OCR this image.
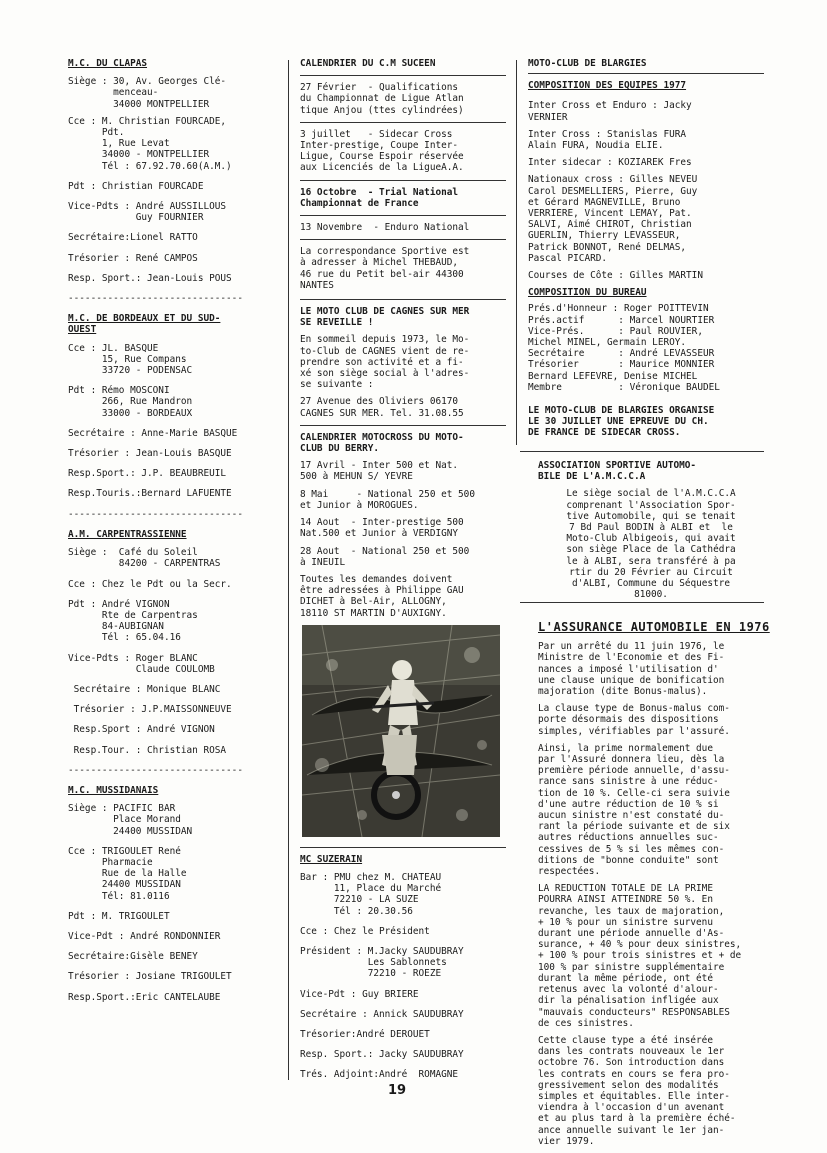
M.C. DU CLAPAS
Siège : 30, Av. Georges Clé-
menceau-
34000 MONTPELLIER
Cce : M. Christian FOURCADE,
Pdt.
1, Rue Levat
34000 - MONTPELLIER
Tél : 67.92.70.60(A.M.)
Pdt : Christian FOURCADE
Vice-Pdts : André AUSSILLOUS
Guy FOURNIER
Secrétaire:Lionel RATTO
Trésorier : René CAMPOS
Resp. Sport.: Jean-Louis POUS
-------------------------------
M.C. DE BORDEAUX ET DU SUD-
OUEST
Cce : JL. BASQUE
15, Rue Compans
33720 - PODENSAC
Pdt : Rémo MOSCONI
266, Rue Mandron
33000 - BORDEAUX
Secrétaire : Anne-Marie BASQUE
Trésorier : Jean-Louis BASQUE
Resp.Sport.: J.P. BEAUBREUIL
Resp.Touris.:Bernard LAFUENTE
-------------------------------
A.M. CARPENTRASSIENNE
Siège :  Café du Soleil
84200 - CARPENTRAS
Cce : Chez le Pdt ou la Secr.
Pdt : André VIGNON
Rte de Carpentras
84-AUBIGNAN
Tél : 65.04.16
Vice-Pdts : Roger BLANC
Claude COULOMB
Secrétaire : Monique BLANC
Trésorier : J.P.MAISSONNEUVE
Resp.Sport : André VIGNON
Resp.Tour. : Christian ROSA
-------------------------------
M.C. MUSSIDANAIS
Siège : PACIFIC BAR
Place Morand
24400 MUSSIDAN
Cce : TRIGOULET René
Pharmacie
Rue de la Halle
24400 MUSSIDAN
Tél: 81.0116
Pdt : M. TRIGOULET
Vice-Pdt : André RONDONNIER
Secrétaire:Gisèle BENEY
Trésorier : Josiane TRIGOULET
Resp.Sport.:Eric CANTELAUBE
CALENDRIER DU C.M SUCEEN
27 Février  - Qualifications
du Championnat de Ligue Atlan
tique Anjou (ttes cylindrées)
3 juillet   - Sidecar Cross
Inter-prestige, Coupe Inter-
Ligue, Course Espoir réservée
aux Licenciés de la LigueA.A.
16 Octobre  - Trial National
Championnat de France
13 Novembre  - Enduro National
La correspondance Sportive est
à adresser à Michel THEBAUD,
46 rue du Petit bel-air 44300
NANTES
LE MOTO CLUB DE CAGNES SUR MER
SE REVEILLE !
En sommeil depuis 1973, le Mo-
to-Club de CAGNES vient de re-
prendre son activité et a fi-
xé son siège social à l'adres-
se suivante :
27 Avenue des Oliviers 06170
CAGNES SUR MER. Tel. 31.08.55
CALENDRIER MOTOCROSS DU MOTO-
CLUB DU BERRY.
17 Avril - Inter 500 et Nat.
500 à MEHUN S/ YEVRE
8 Mai     - National 250 et 500
et Junior à MOROGUES.
14 Aout  - Inter-prestige 500
Nat.500 et Junior à VERDIGNY
28 Aout  - National 250 et 500
à INEUIL
Toutes les demandes doivent
être adressées à Philippe GAU
DICHET à Bel-Air, ALLOGNY,
18110 ST MARTIN D'AUXIGNY.
MC SUZERAIN
Bar : PMU chez M. CHATEAU
11, Place du Marché
72210 - LA SUZE
Tél : 20.30.56
Cce : Chez le Président
Président : M.Jacky SAUDUBRAY
Les Sablonnets
72210 - ROEZE
Vice-Pdt : Guy BRIERE
Secrétaire : Annick SAUDUBRAY
Trésorier:André DEROUET
Resp. Sport.: Jacky SAUDUBRAY
Trés. Adjoint:André  ROMAGNE
MOTO-CLUB DE BLARGIES
COMPOSITION DES EQUIPES 1977
Inter Cross et Enduro : Jacky
VERNIER
Inter Cross : Stanislas FURA
Alain FURA, Noudia ELIE.
Inter sidecar : KOZIAREK Fres
Nationaux cross : Gilles NEVEU
Carol DESMELLIERS, Pierre, Guy
et Gérard MAGNEVILLE, Bruno
VERRIERE, Vincent LEMAY, Pat.
SALVI, Aimé CHIROT, Christian
GUERLIN, Thierry LEVASSEUR,
Patrick BONNOT, René DELMAS,
Pascal PICARD.
Courses de Côte : Gilles MARTIN
COMPOSITION DU BUREAU
Prés.d'Honneur : Roger POITTEVIN
Prés.actif      : Marcel NOURTIER
Vice-Prés.      : Paul ROUVIER,
Michel MINEL, Germain LEROY.
Secrétaire      : André LEVASSEUR
Trésorier       : Maurice MONNIER
Bernard LEFEVRE, Denise MICHEL
Membre          : Véronique BAUDEL
LE MOTO-CLUB DE BLARGIES ORGANISE
LE 30 JUILLET UNE EPREUVE DU CH.
DE FRANCE DE SIDECAR CROSS.
ASSOCIATION SPORTIVE AUTOMO-
BILE DE L'A.M.C.C.A
Le siège social de l'A.M.C.C.A
comprenant l'Association Spor-
tive Automobile, qui se tenait
7 Bd Paul BODIN à ALBI et  le
Moto-Club Albigeois, qui avait
son siège Place de la Cathédra
le à ALBI, sera transféré à pa
rtir du 20 Février au Circuit
d'ALBI, Commune du Séquestre
81000.
L'ASSURANCE AUTOMOBILE EN 1976
Par un arrêté du 11 juin 1976, le
Ministre de l'Economie et des Fi-
nances a imposé l'utilisation d'
une clause unique de bonification
majoration (dite Bonus-malus).
La clause type de Bonus-malus com-
porte désormais des dispositions
simples, vérifiables par l'assuré.
Ainsi, la prime normalement due
par l'Assuré donnera lieu, dès la
première période annuelle, d'assu-
rance sans sinistre à une réduc-
tion de 10 %. Celle-ci sera suivie
d'une autre réduction de 10 % si
aucun sinistre n'est constaté du-
rant la période suivante et de six
autres réductions annuelles suc-
cessives de 5 % si les mêmes con-
ditions de "bonne conduite" sont
respectées.
LA REDUCTION TOTALE DE LA PRIME
POURRA AINSI ATTEINDRE 50 %. En
revanche, les taux de majoration,
+ 10 % pour un sinistre survenu
durant une période annuelle d'As-
surance, + 40 % pour deux sinistres,
+ 100 % pour trois sinistres et + de
100 % par sinistre supplémentaire
durant la même période, ont été
retenus avec la volonté d'alour-
dir la pénalisation infligée aux
"mauvais conducteurs" RESPONSABLES
de ces sinistres.
Cette clause type a été insérée
dans les contrats nouveaux le 1er
octobre 76. Son introduction dans
les contrats en cours se fera pro-
gressivement selon des modalités
simples et équitables. Elle inter-
viendra à l'occasion d'un avenant
et au plus tard à la première éché-
ance annuelle suivant le 1er jan-
vier 1979.
19
